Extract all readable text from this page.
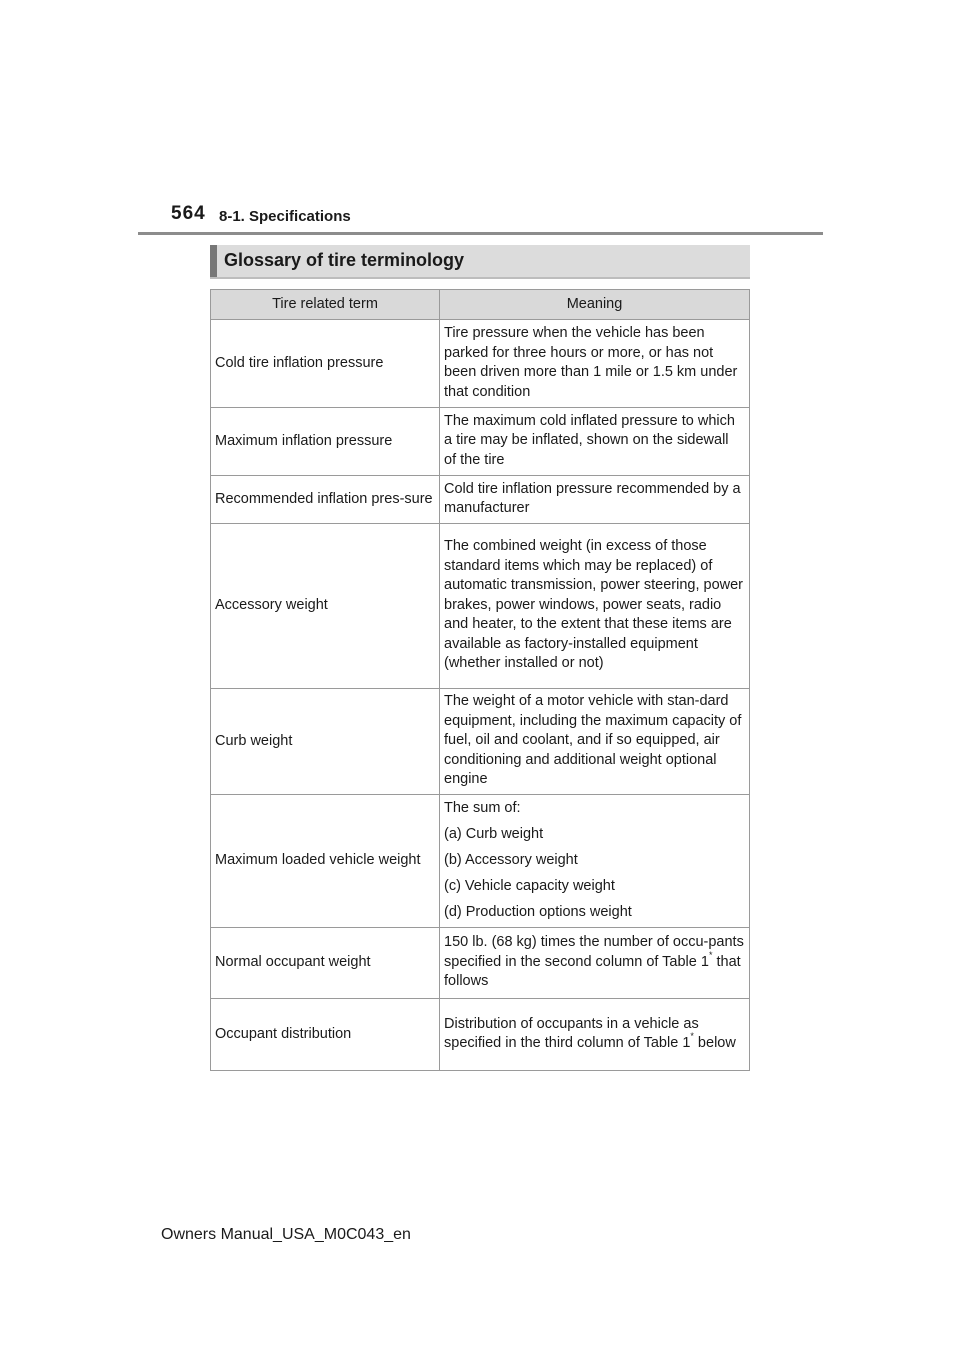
564 8-1. Specifications
Glossary of tire terminology
Tire related term	Meaning
Cold tire inflation pressure	Tire pressure when the vehicle has been parked for three hours or more, or has not been driven more than 1 mile or 1.5 km under that condition
Maximum inflation pressure	The maximum cold inflated pressure to which a tire may be inflated, shown on the sidewall of the tire
Recommended inflation pres-sure	Cold tire inflation pressure recommended by a manufacturer
Accessory weight	The combined weight (in excess of those standard items which may be replaced) of automatic transmission, power steering, power brakes, power windows, power seats, radio and heater, to the extent that these items are available as factory-installed equipment (whether installed or not)
Curb weight	The weight of a motor vehicle with stan-dard equipment, including the maximum capacity of fuel, oil and coolant, and if so equipped, air conditioning and additional weight optional engine
Maximum loaded vehicle weight	The sum of:
(a) Curb weight
(b) Accessory weight
(c) Vehicle capacity weight
(d) Production options weight

Normal occupant weight	150 lb. (68 kg) times the number of occu-pants specified in the second column of Table 1* that follows
Occupant distribution	Distribution of occupants in a vehicle as specified in the third column of Table 1* below
Owners Manual_USA_M0C043_en
